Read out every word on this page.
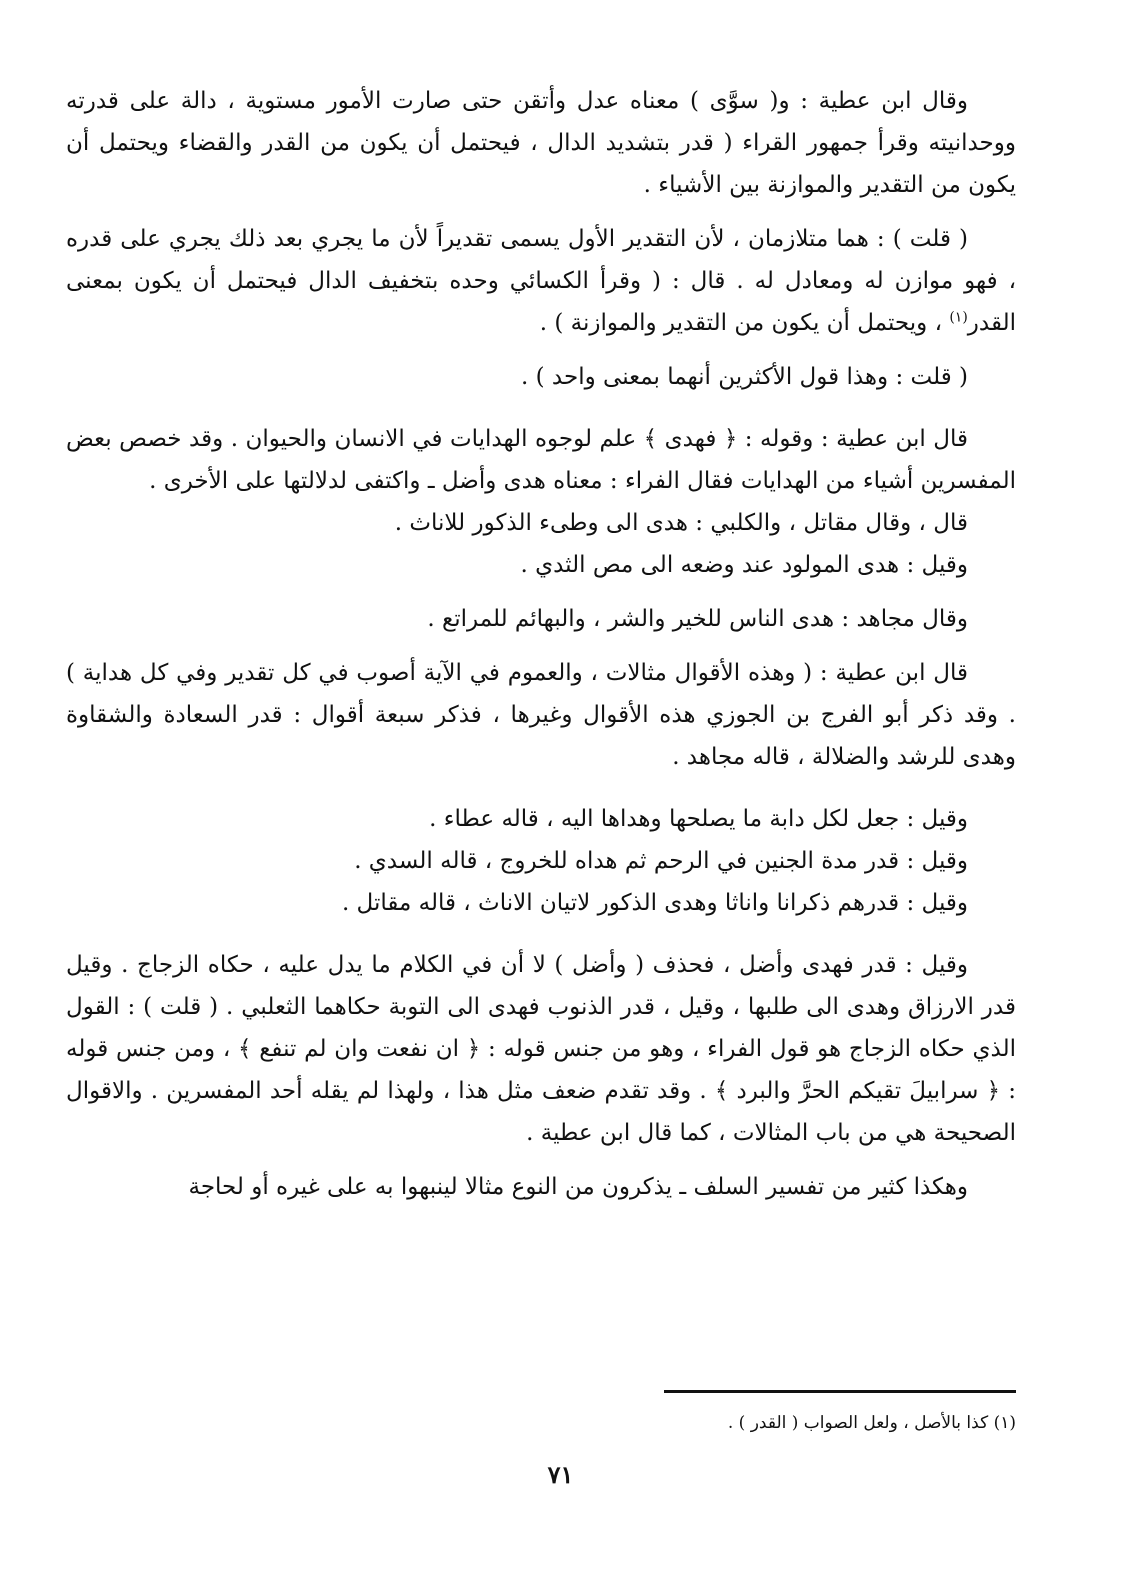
وقال ابن عطية : و( سوَّى ) معناه عدل وأتقن حتى صارت الأمور مستوية ، دالة على قدرته ووحدانيته وقرأ جمهور القراء ( قدر بتشديد الدال ، فيحتمل أن يكون من القدر والقضاء ويحتمل أن يكون من التقدير والموازنة بين الأشياء .

( قلت ) : هما متلازمان ، لأن التقدير الأول يسمى تقديراً لأن ما يجري بعد ذلك يجري على قدره ، فهو موازن له ومعادل له . قال : ( وقرأ الكسائي وحده بتخفيف الدال فيحتمل أن يكون بمعنى القدر$^{(١)}$ ، ويحتمل أن يكون من التقدير والموازنة ) .

( قلت : وهذا قول الأكثرين أنهما بمعنى واحد ) .

قال ابن عطية : وقوله : ﴿ فهدى ﴾ علم لوجوه الهدايات في الانسان والحيوان . وقد خصص بعض المفسرين أشياء من الهدايات فقال الفراء : معناه هدى وأضل ـ واكتفى لدلالتها على الأخرى .

قال ، وقال مقاتل ، والكلبي : هدى الى وطىء الذكور للاناث .

وقيل : هدى المولود عند وضعه الى مص الثدي .

وقال مجاهد : هدى الناس للخير والشر ، والبهائم للمراتع .

قال ابن عطية : ( وهذه الأقوال مثالات ، والعموم في الآية أصوب في كل تقدير وفي كل هداية ) . وقد ذكر أبو الفرج بن الجوزي هذه الأقوال وغيرها ، فذكر سبعة أقوال : قدر السعادة والشقاوة وهدى للرشد والضلالة ، قاله مجاهد .

وقيل : جعل لكل دابة ما يصلحها وهداها اليه ، قاله عطاء .

وقيل : قدر مدة الجنين في الرحم ثم هداه للخروج ، قاله السدي .

وقيل : قدرهم ذكرانا واناثا وهدى الذكور لاتيان الاناث ، قاله مقاتل .

وقيل : قدر فهدى وأضل ، فحذف ( وأضل ) لا أن في الكلام ما يدل عليه ، حكاه الزجاج . وقيل قدر الارزاق وهدى الى طلبها ، وقيل ، قدر الذنوب فهدى الى التوبة حكاهما الثعلبي . ( قلت ) : القول الذي حكاه الزجاج هو قول الفراء ، وهو من جنس قوله : ﴿ ان نفعت وان لم تنفع ﴾ ، ومن جنس قوله : ﴿ سرابيلَ تقيكم الحرَّ والبرد ﴾ . وقد تقدم ضعف مثل هذا ، ولهذا لم يقله أحد المفسرين . والاقوال الصحيحة هي من باب المثالات ، كما قال ابن عطية .

وهكذا كثير من تفسير السلف ـ يذكرون من النوع مثالا لينبهوا به على غيره أو لحاجة

(١) كذا بالأصل ، ولعل الصواب ( القدر ) .
٧١
